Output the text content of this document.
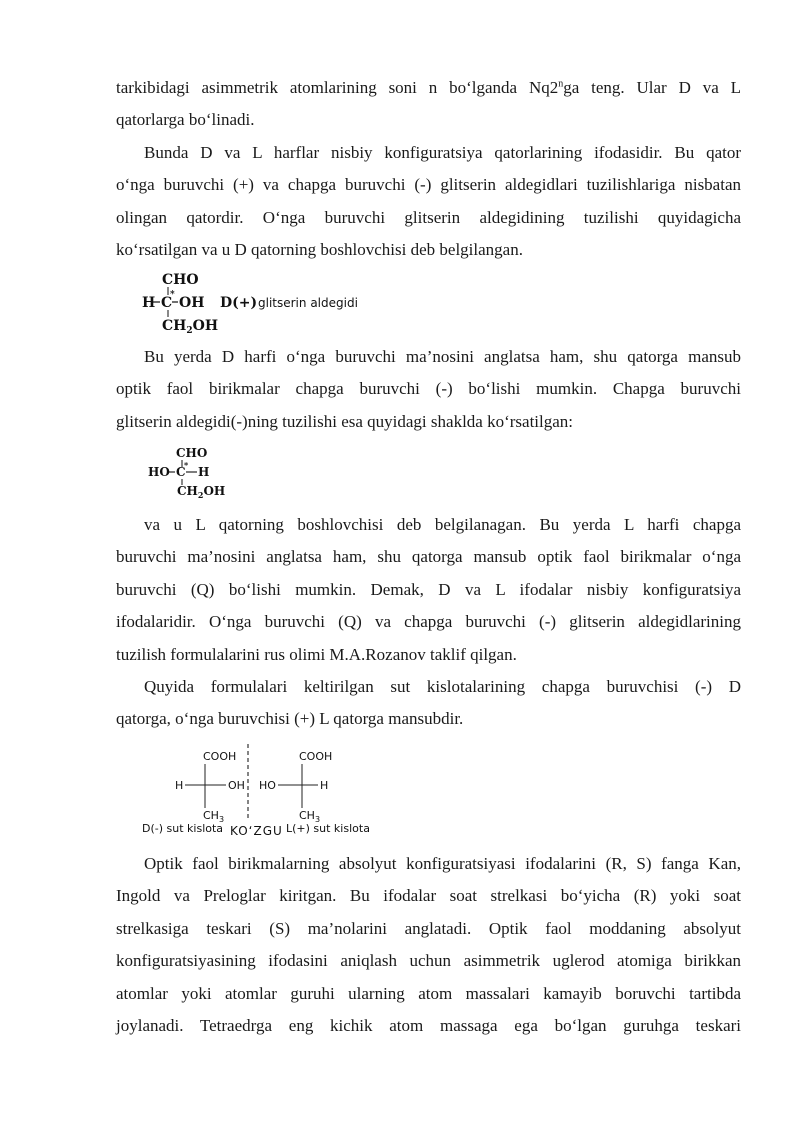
tarkibidagi asimmetrik atomlarining soni n bo‘lganda Nq2$^n$ga teng. Ular D va L
qatorlarga bo‘linadi.
Bunda D va L harflar nisbiy konfiguratsiya qatorlarining ifodasidir. Bu qator
o‘nga buruvchi (+) va chapga buruvchi (-) glitserin aldegidlari tuzilishlariga nisbatan
olingan qatordir. O‘nga buruvchi glitserin aldegidining tuzilishi quyidagicha
ko‘rsatilgan va u D qatorning boshlovchisi deb belgilangan.
CHO
H C
* OH
$CH_2OH$
D(+) glitserin aldegidi
Bu yerda D harfi o‘nga buruvchi ma’nosini anglatsa ham, shu qatorga mansub
optik faol birikmalar chapga buruvchi (-) bo‘lishi mumkin. Chapga buruvchi
glitserin aldegidi(-)ning tuzilishi esa quyidagi shaklda ko‘rsatilgan:
CHO
HO C
* H
$CH_2OH$
va u L qatorning boshlovchisi deb belgilanagan. Bu yerda L harfi chapga
buruvchi ma’nosini anglatsa ham, shu qatorga mansub optik faol birikmalar o‘nga
buruvchi (Q) bo‘lishi mumkin. Demak, D va L ifodalar nisbiy konfiguratsiya
ifodalaridir. O‘nga buruvchi (Q) va chapga buruvchi (-) glitserin aldegidlarining
tuzilish formulalarini rus olimi M.A.Rozanov taklif qilgan.
Quyida formulalari keltirilgan sut kislotalarining chapga buruvchisi (-) D
qatorga, o‘nga buruvchisi (+) L qatorga mansubdir.
COOH
H	OH
$CH_3$
D(-) sut kislota KO‘ZGU
COOH
HO	H
$CH_3$
L(+) sut kislota
Optik faol birikmalarning absolyut konfiguratsiyasi ifodalarini (R, S) fanga Kan,
Ingold va Preloglar kiritgan. Bu ifodalar soat strelkasi bo‘yicha (R) yoki soat
strelkasiga teskari (S) ma’nolarini anglatadi. Optik faol moddaning absolyut
konfiguratsiyasining ifodasini aniqlash uchun asimmetrik uglerod atomiga birikkan
atomlar yoki atomlar guruhi ularning atom massalari kamayib boruvchi tartibda
joylanadi. Tetraedrga eng kichik atom massaga ega bo‘lgan guruhga teskari
